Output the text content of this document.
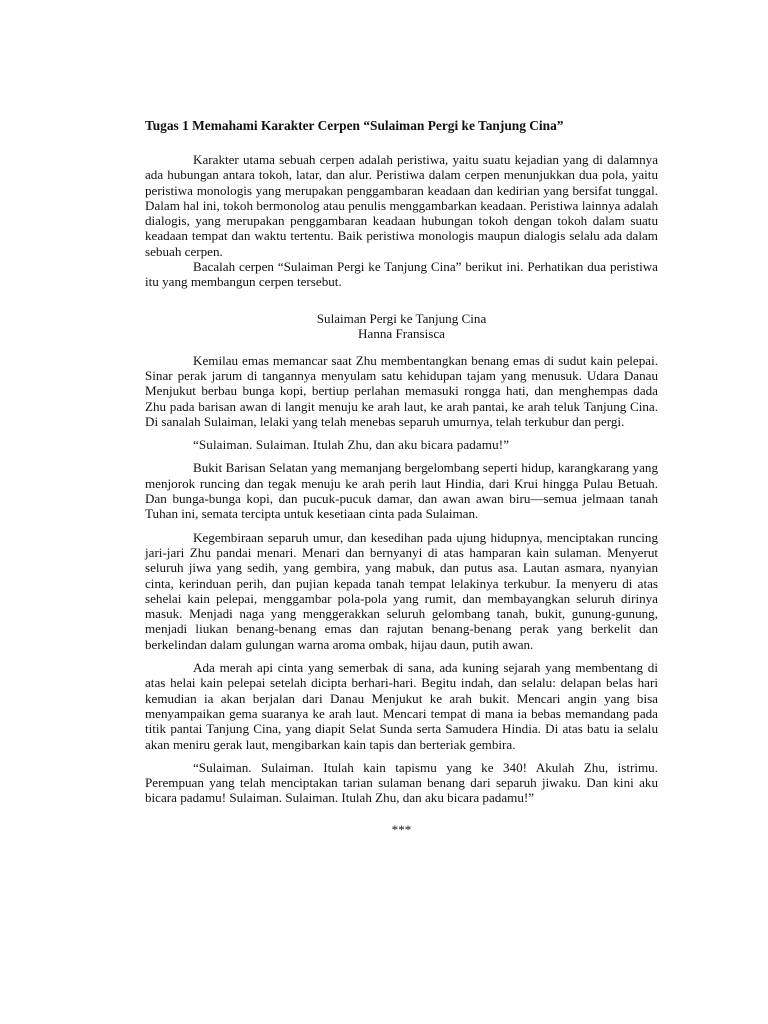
Tugas 1 Memahami Karakter Cerpen “Sulaiman Pergi ke Tanjung Cina”

Karakter utama sebuah cerpen adalah peristiwa, yaitu suatu kejadian yang di dalamnya ada hubungan antara tokoh, latar, dan alur. Peristiwa dalam cerpen menunjukkan dua pola, yaitu peristiwa monologis yang merupakan penggambaran keadaan dan kedirian yang bersifat tunggal. Dalam hal ini, tokoh bermonolog atau penulis menggambarkan keadaan. Peristiwa lainnya adalah dialogis, yang merupakan penggambaran keadaan hubungan tokoh dengan tokoh dalam suatu keadaan tempat dan waktu tertentu. Baik peristiwa monologis maupun dialogis selalu ada dalam sebuah cerpen.

Bacalah cerpen “Sulaiman Pergi ke Tanjung Cina” berikut ini. Perhatikan dua peristiwa itu yang membangun cerpen tersebut.

Sulaiman Pergi ke Tanjung Cina
Hanna Fransisca

Kemilau emas memancar saat Zhu membentangkan benang emas di sudut kain pelepai. Sinar perak jarum di tangannya menyulam satu kehidupan tajam yang menusuk. Udara Danau Menjukut berbau bunga kopi, bertiup perlahan memasuki rongga hati, dan menghempas dada Zhu pada barisan awan di langit menuju ke arah laut, ke arah pantai, ke arah teluk Tanjung Cina. Di sanalah Sulaiman, lelaki yang telah menebas separuh umurnya, telah terkubur dan pergi.

“Sulaiman. Sulaiman. Itulah Zhu, dan aku bicara padamu!”

Bukit Barisan Selatan yang memanjang bergelombang seperti hidup, karangkarang yang menjorok runcing dan tegak menuju ke arah perih laut Hindia, dari Krui hingga Pulau Betuah. Dan bunga-bunga kopi, dan pucuk-pucuk damar, dan awan awan biru—semua jelmaan tanah Tuhan ini, semata tercipta untuk kesetiaan cinta pada Sulaiman.

Kegembiraan separuh umur, dan kesedihan pada ujung hidupnya, menciptakan runcing jari-jari Zhu pandai menari. Menari dan bernyanyi di atas hamparan kain sulaman. Menyerut seluruh jiwa yang sedih, yang gembira, yang mabuk, dan putus asa. Lautan asmara, nyanyian cinta, kerinduan perih, dan pujian kepada tanah tempat lelakinya terkubur. Ia menyeru di atas sehelai kain pelepai, menggambar pola-pola yang rumit, dan membayangkan seluruh dirinya masuk. Menjadi naga yang menggerakkan seluruh gelombang tanah, bukit, gunung-gunung, menjadi liukan benang-benang emas dan rajutan benang-benang perak yang berkelit dan berkelindan dalam gulungan warna aroma ombak, hijau daun, putih awan.

Ada merah api cinta yang semerbak di sana, ada kuning sejarah yang membentang di atas helai kain pelepai setelah dicipta berhari-hari. Begitu indah, dan selalu: delapan belas hari kemudian ia akan berjalan dari Danau Menjukut ke arah bukit. Mencari angin yang bisa menyampaikan gema suaranya ke arah laut. Mencari tempat di mana ia bebas memandang pada titik pantai Tanjung Cina, yang diapit Selat Sunda serta Samudera Hindia. Di atas batu ia selalu akan meniru gerak laut, mengibarkan kain tapis dan berteriak gembira.

“Sulaiman. Sulaiman. Itulah kain tapismu yang ke 340! Akulah Zhu, istrimu. Perempuan yang telah menciptakan tarian sulaman benang dari separuh jiwaku. Dan kini aku bicara padamu! Sulaiman. Sulaiman. Itulah Zhu, dan aku bicara padamu!”

***
